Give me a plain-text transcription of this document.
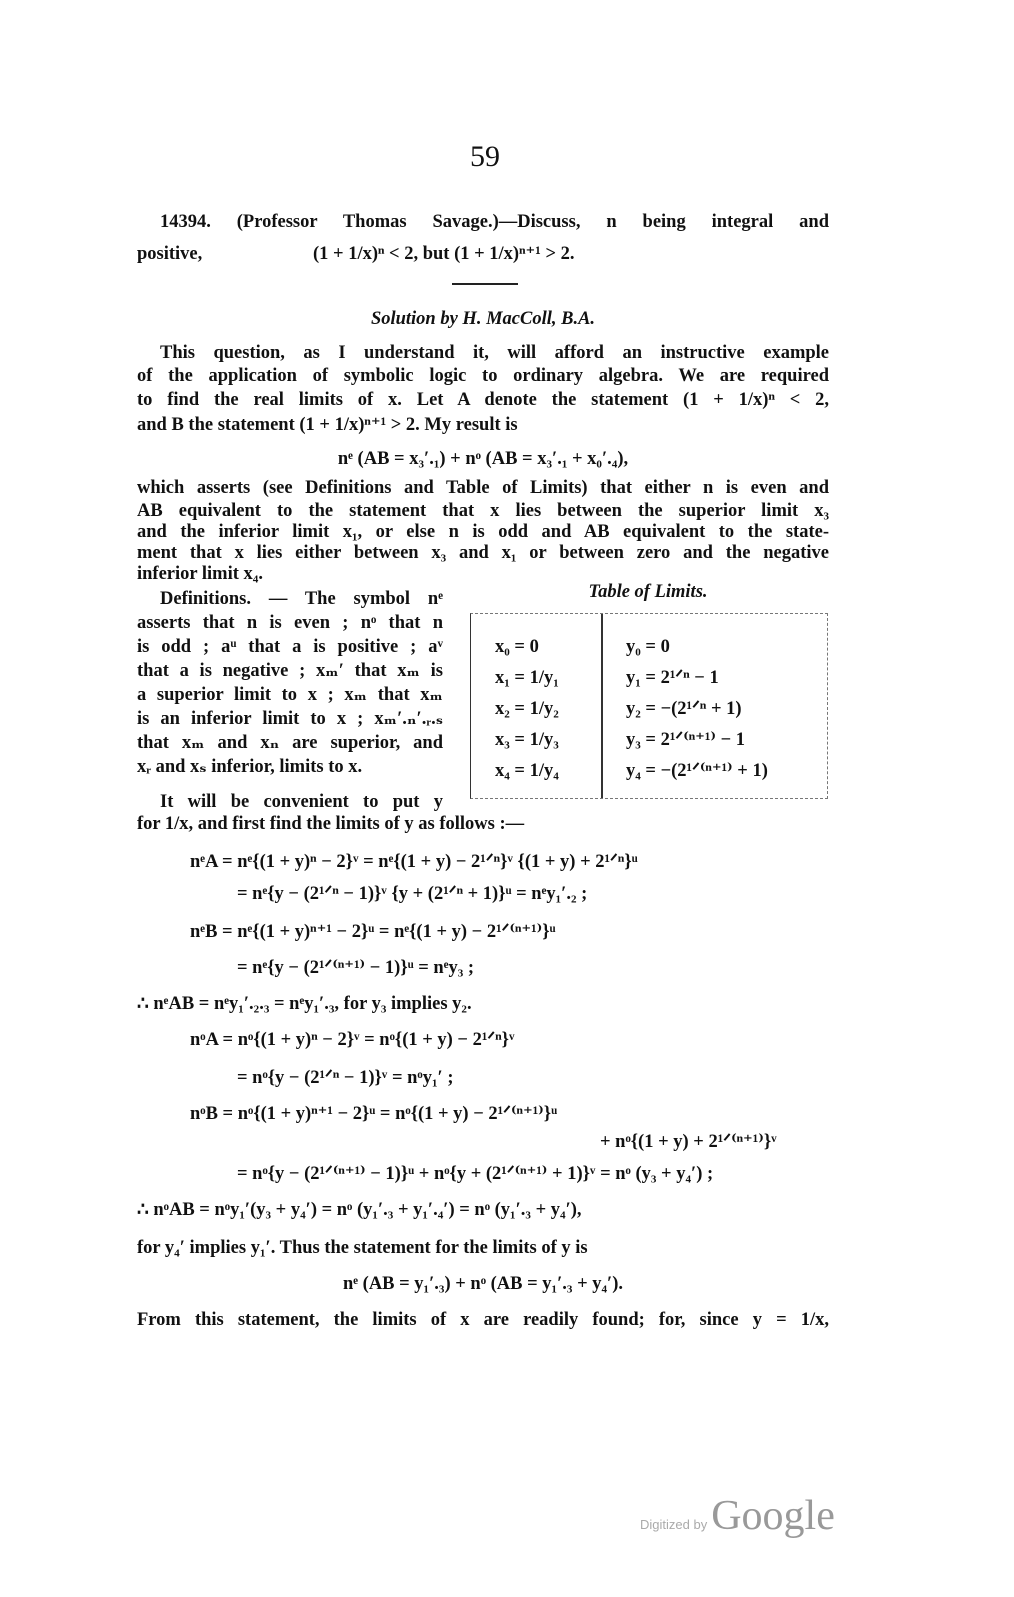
59
14394. (Professor Thomas Savage.)—Discuss, n being integral and
positive,	(1 + 1/x)ⁿ < 2, but (1 + 1/x)ⁿ⁺¹ > 2.
Solution by H. MacColl, B.A.
This question, as I understand it, will afford an instructive example
of the application of symbolic logic to ordinary algebra. We are required
to find the real limits of x. Let A denote the statement (1 + 1/x)ⁿ < 2,
and B the statement (1 + 1/x)ⁿ⁺¹ > 2. My result is
nᵉ (AB = x₃′.₁) + nᵒ (AB = x₃′.₁ + x₀′.₄),
which asserts (see Definitions and Table of Limits) that either n is even and
AB equivalent to the statement that x lies between the superior limit x₃
and the inferior limit x₁, or else n is odd and AB equivalent to the state-
ment that x lies either between x₃ and x₁ or between zero and the negative
inferior limit x₄.
Definitions. — The symbol nᵉ
asserts that n is even ; nᵒ that n
is odd ; aᵘ that a is positive ; aᵛ
that a is negative ; xₘ′ that xₘ is
a superior limit to x ; xₘ that xₘ
is an inferior limit to x ; xₘ′.ₙ′.ᵣ.ₛ
that xₘ and xₙ are superior, and
xᵣ and xₛ inferior, limits to x.
It will be convenient to put y
Table of Limits.
x₀ = 0
x₁ = 1/y₁
x₂ = 1/y₂
x₃ = 1/y₃
x₄ = 1/y₄
y₀ = 0
y₁ = 2¹ᐟⁿ − 1
y₂ = −(2¹ᐟⁿ + 1)
y₃ = 2¹ᐟ⁽ⁿ⁺¹⁾ − 1
y₄ = −(2¹ᐟ⁽ⁿ⁺¹⁾ + 1)
for 1/x, and first find the limits of y as follows :—
nᵉA = nᵉ{(1 + y)ⁿ − 2}ᵛ = nᵉ{(1 + y) − 2¹ᐟⁿ}ᵛ {(1 + y) + 2¹ᐟⁿ}ᵘ
= nᵉ{y − (2¹ᐟⁿ − 1)}ᵛ {y + (2¹ᐟⁿ + 1)}ᵘ = nᵉy₁′.₂ ;
nᵉB = nᵉ{(1 + y)ⁿ⁺¹ − 2}ᵘ = nᵉ{(1 + y) − 2¹ᐟ⁽ⁿ⁺¹⁾}ᵘ
= nᵉ{y − (2¹ᐟ⁽ⁿ⁺¹⁾ − 1)}ᵘ = nᵉy₃ ;
∴ nᵉAB = nᵉy₁′.₂.₃ = nᵉy₁′.₃, for y₃ implies y₂.
nᵒA = nᵒ{(1 + y)ⁿ − 2}ᵛ = nᵒ{(1 + y) − 2¹ᐟⁿ}ᵛ
= nᵒ{y − (2¹ᐟⁿ − 1)}ᵛ = nᵒy₁′ ;
nᵒB = nᵒ{(1 + y)ⁿ⁺¹ − 2}ᵘ = nᵒ{(1 + y) − 2¹ᐟ⁽ⁿ⁺¹⁾}ᵘ
+ nᵒ{(1 + y) + 2¹ᐟ⁽ⁿ⁺¹⁾}ᵛ
= nᵒ{y − (2¹ᐟ⁽ⁿ⁺¹⁾ − 1)}ᵘ + nᵒ{y + (2¹ᐟ⁽ⁿ⁺¹⁾ + 1)}ᵛ = nᵒ (y₃ + y₄′) ;
∴ nᵒAB = nᵒy₁′(y₃ + y₄′) = nᵒ (y₁′.₃ + y₁′.₄′) = nᵒ (y₁′.₃ + y₄′),
for y₄′ implies y₁′. Thus the statement for the limits of y is
nᵉ (AB = y₁′.₃) + nᵒ (AB = y₁′.₃ + y₄′).
From this statement, the limits of x are readily found; for, since y = 1/x,
Digitized by Google
